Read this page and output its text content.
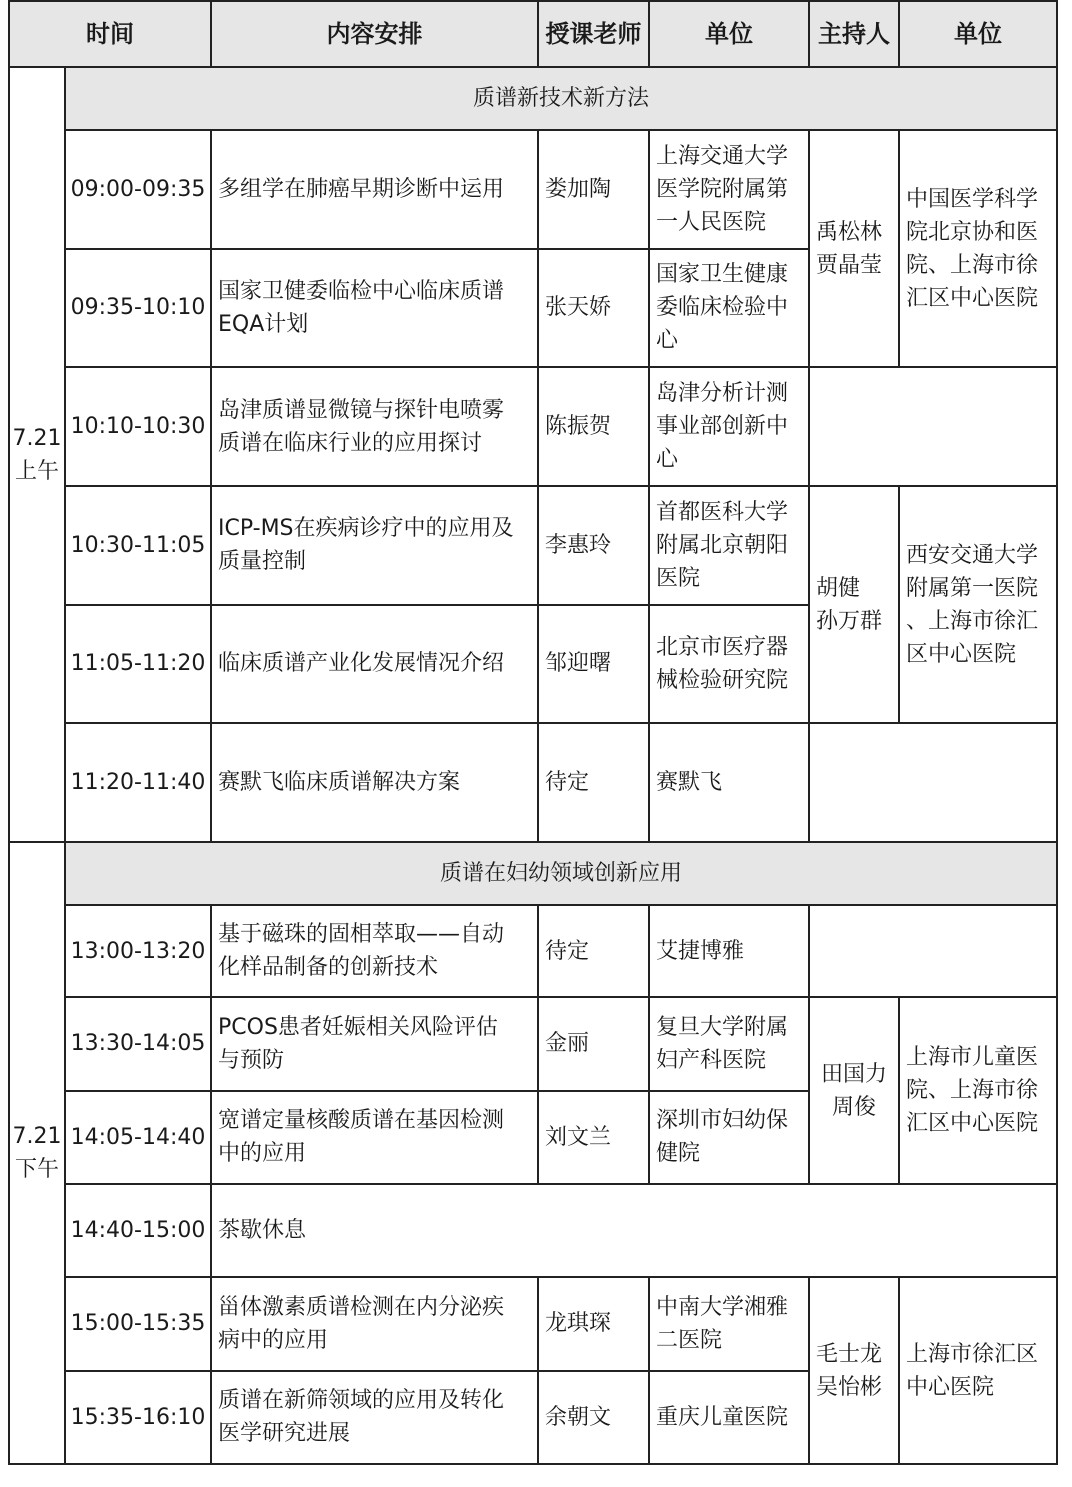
时间		内容安排	授课老师	单位	主持人	单位
7.21
上午	质谱新技术新方法					
	09:00-09:35	多组学在肺癌早期诊断中运用	娄加陶	上海交通大学
医学院附属第
一人民医院	禹松林
贾晶莹	中国医学科学
院北京协和医
院、上海市徐
汇区中心医院
	09:35-10:10	国家卫健委临检中心临床质谱
EQA计划	张天娇	国家卫生健康
委临床检验中
心		
	10:10-10:30	岛津质谱显微镜与探针电喷雾
质谱在临床行业的应用探讨	陈振贺	岛津分析计测
事业部创新中
心		
	10:30-11:05	ICP-MS在疾病诊疗中的应用及
质量控制	李惠玲	首都医科大学
附属北京朝阳
医院	胡健
孙万群	西安交通大学
附属第一医院
、上海市徐汇
区中心医院
	11:05-11:20	临床质谱产业化发展情况介绍	邹迎曙	北京市医疗器
械检验研究院		
	11:20-11:40	赛默飞临床质谱解决方案	待定	赛默飞		
7.21
下午	质谱在妇幼领域创新应用					
	13:00-13:20	基于磁珠的固相萃取——自动
化样品制备的创新技术	待定	艾捷博雅		
	13:30-14:05	PCOS患者妊娠相关风险评估
与预防	金丽	复旦大学附属
妇产科医院	田国力
周俊	上海市儿童医
院、上海市徐
汇区中心医院
	14:05-14:40	宽谱定量核酸质谱在基因检测
中的应用	刘文兰	深圳市妇幼保
健院		
	14:40-15:00	茶歇休息				
	15:00-15:35	甾体激素质谱检测在内分泌疾
病中的应用	龙琪琛	中南大学湘雅
二医院	毛士龙
吴怡彬	上海市徐汇区
中心医院
	15:35-16:10	质谱在新筛领域的应用及转化
医学研究进展	余朝文	重庆儿童医院		
